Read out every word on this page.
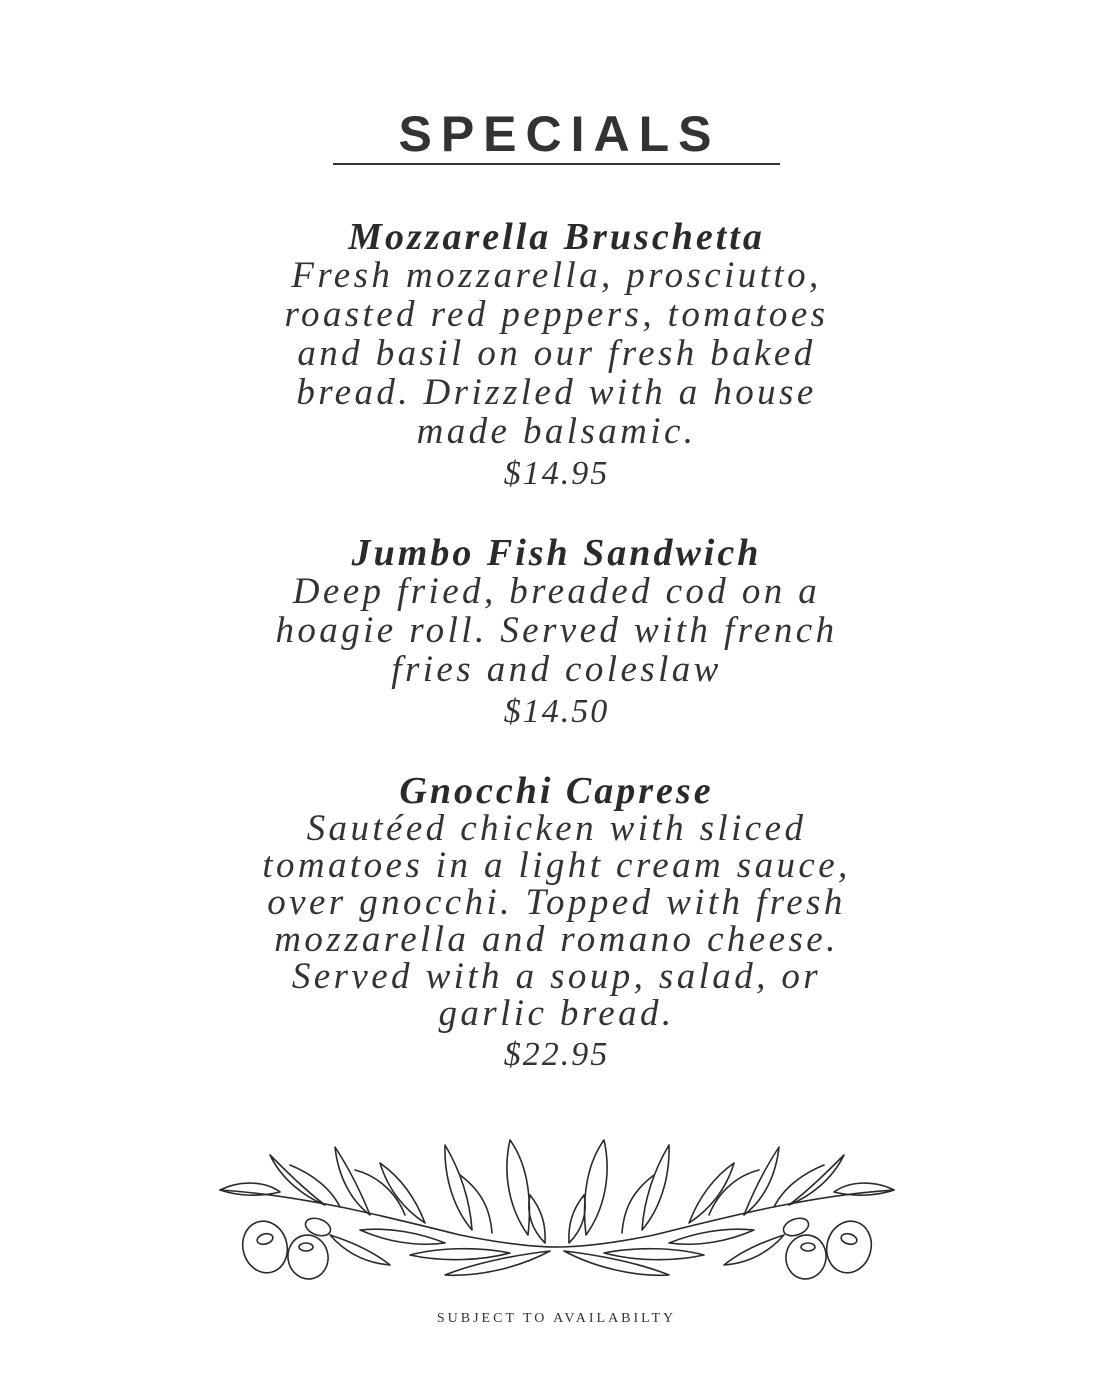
SPECIALS
Mozzarella Bruschetta
Fresh mozzarella, prosciutto,
roasted red peppers, tomatoes
and basil on our fresh baked
bread. Drizzled with a house
made balsamic.
$14.95
Jumbo Fish Sandwich
Deep fried, breaded cod on a
hoagie roll. Served with french
fries and coleslaw
$14.50
Gnocchi Caprese
Sautéed chicken with sliced
tomatoes in a light cream sauce,
over gnocchi. Topped with fresh
mozzarella and romano cheese.
Served with a soup, salad, or
garlic bread.
$22.95
SUBJECT TO AVAILABILTY
